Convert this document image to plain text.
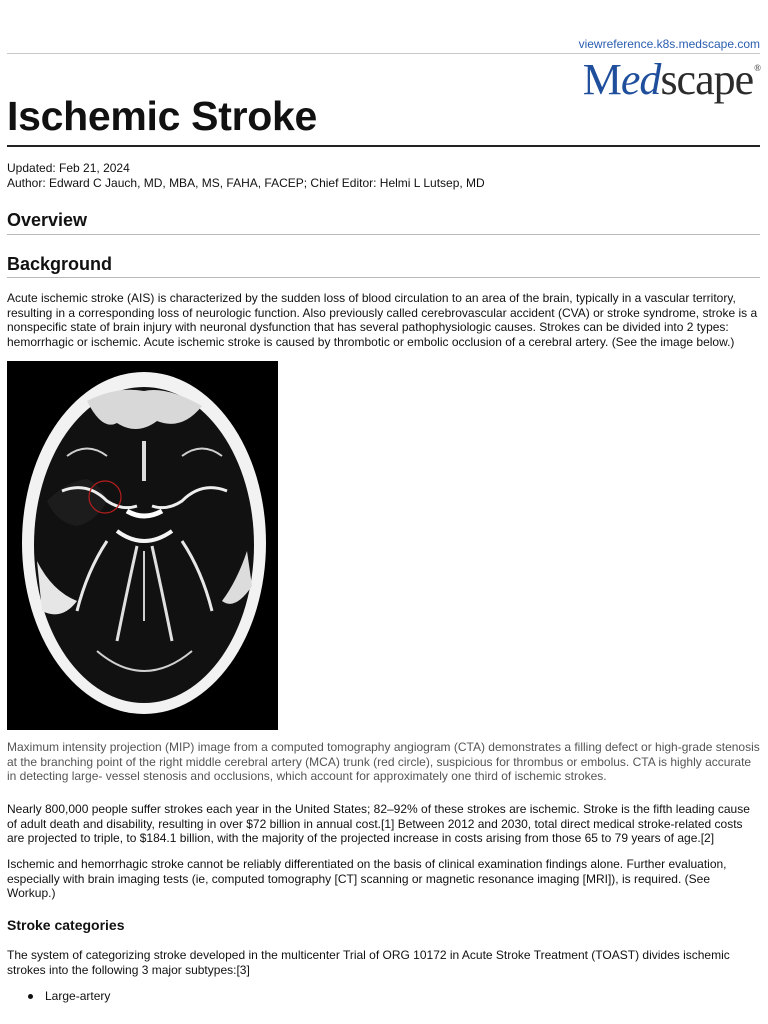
viewreference.k8s.medscape.com
M ed scape ®
Ischemic Stroke
Updated: Feb 21, 2024
Author: Edward C Jauch, MD, MBA, MS, FAHA, FACEP; Chief Editor: Helmi L Lutsep, MD
Overview
Background

Acute ischemic stroke (AIS) is characterized by the sudden loss of blood circulation to an area of the brain, typically in a vascular territory, resulting in a corresponding loss of neurologic function. Also previously called cerebrovascular accident (CVA) or stroke syndrome, stroke is a nonspecific state of brain injury with neuronal dysfunction that has several pathophysiologic causes. Strokes can be divided into 2 types: hemorrhagic or ischemic. Acute ischemic stroke is caused by thrombotic or embolic occlusion of a cerebral artery. (See the image below.)

Maximum intensity projection (MIP) image from a computed tomography angiogram (CTA) demonstrates a filling defect or high-grade stenosis at the branching point of the right middle cerebral artery (MCA) trunk (red circle), suspicious for thrombus or embolus. CTA is highly accurate in detecting large- vessel stenosis and occlusions, which account for approximately one third of ischemic strokes.

Nearly 800,000 people suffer strokes each year in the United States; 82–92% of these strokes are ischemic. Stroke is the fifth leading cause of adult death and disability, resulting in over $72 billion in annual cost.[1] Between 2012 and 2030, total direct medical stroke-related costs are projected to triple, to $184.1 billion, with the majority of the projected increase in costs arising from those 65 to 79 years of age.[2]

Ischemic and hemorrhagic stroke cannot be reliably differentiated on the basis of clinical examination findings alone. Further evaluation, especially with brain imaging tests (ie, computed tomography [CT] scanning or magnetic resonance imaging [MRI]), is required. (See Workup.)

Stroke categories

The system of categorizing stroke developed in the multicenter Trial of ORG 10172 in Acute Stroke Treatment (TOAST) divides ischemic strokes into the following 3 major subtypes:[3]

Large-artery
